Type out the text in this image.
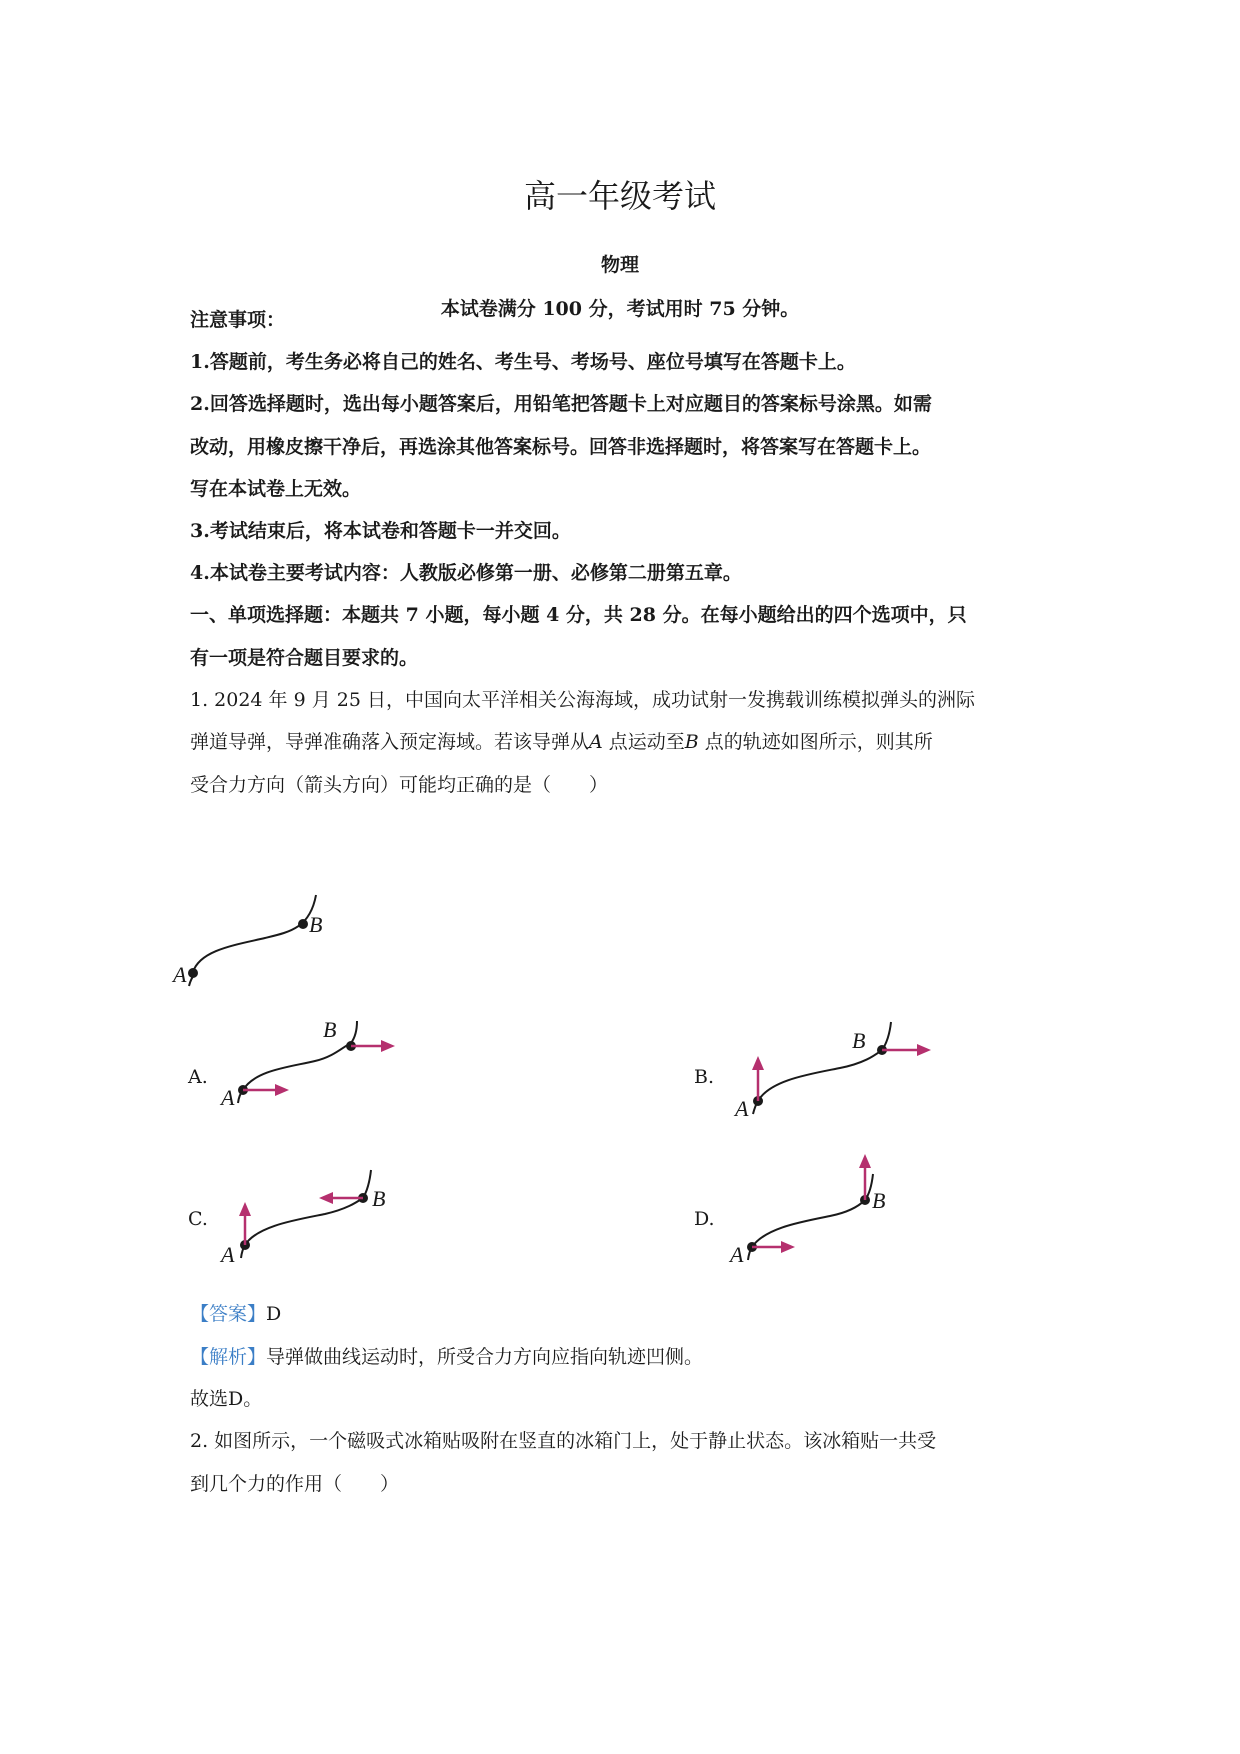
高一年级考试
物理
本试卷满分 100 分，考试用时 75 分钟。
注意事项：
1.答题前，考生务必将自己的姓名、考生号、考场号、座位号填写在答题卡上。
2.回答选择题时，选出每小题答案后，用铅笔把答题卡上对应题目的答案标号涂黑。如需
改动，用橡皮擦干净后，再选涂其他答案标号。回答非选择题时，将答案写在答题卡上。
写在本试卷上无效。
3.考试结束后，将本试卷和答题卡一并交回。
4.本试卷主要考试内容：人教版必修第一册、必修第二册第五章。
一、单项选择题：本题共 7 小题，每小题 4 分，共 28 分。在每小题给出的四个选项中，只
有一项是符合题目要求的。
1. 2024 年 9 月 25 日，中国向太平洋相关公海海域，成功试射一发携载训练模拟弹头的洲际
弹道导弹，导弹准确落入预定海域。若该导弹从A 点运动至B 点的轨迹如图所示，则其所
受合力方向（箭头方向）可能均正确的是（　　）
A
B
A.
A
B
B.
A
B
C.
A
B
D.
A
B
【答案】D
【解析】导弹做曲线运动时，所受合力方向应指向轨迹凹侧。
故选D。
2. 如图所示，一个磁吸式冰箱贴吸附在竖直的冰箱门上，处于静止状态。该冰箱贴一共受
到几个力的作用（　　）
